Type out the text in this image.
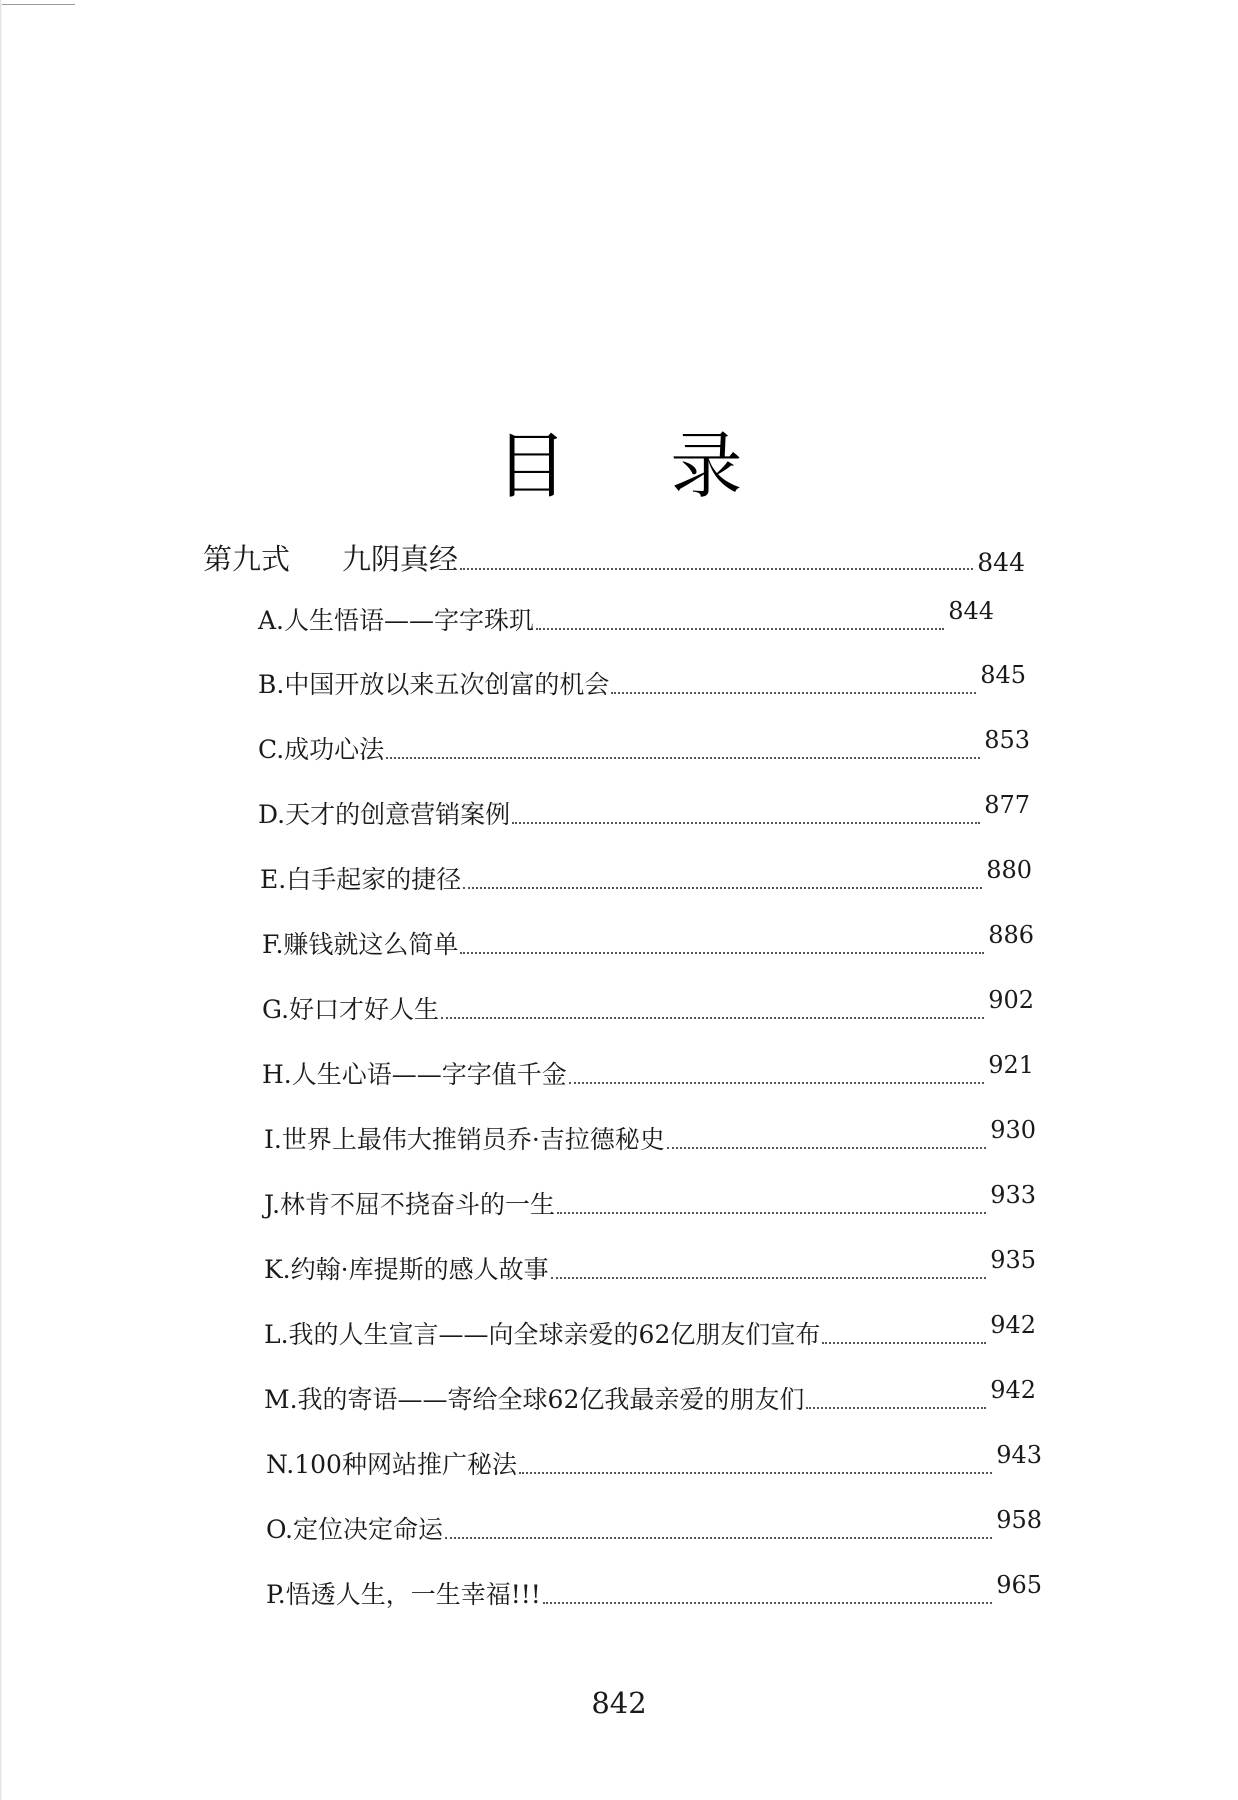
目 录
第九式 九阴真经	844
A.人生悟语——字字珠玑	844
B.中国开放以来五次创富的机会	845
C.成功心法	853
D.天才的创意营销案例	877
E.白手起家的捷径	880
F.赚钱就这么简单	886
G.好口才好人生	902
H.人生心语——字字值千金	921
I.世界上最伟大推销员乔·吉拉德秘史	930
J.林肯不屈不挠奋斗的一生	933
K.约翰·库提斯的感人故事	935
L.我的人生宣言——向全球亲爱的62亿朋友们宣布	942
M.我的寄语——寄给全球62亿我最亲爱的朋友们	942
N.100种网站推广秘法	943
O.定位决定命运	958
P.悟透人生，一生幸福!!!	965
842
